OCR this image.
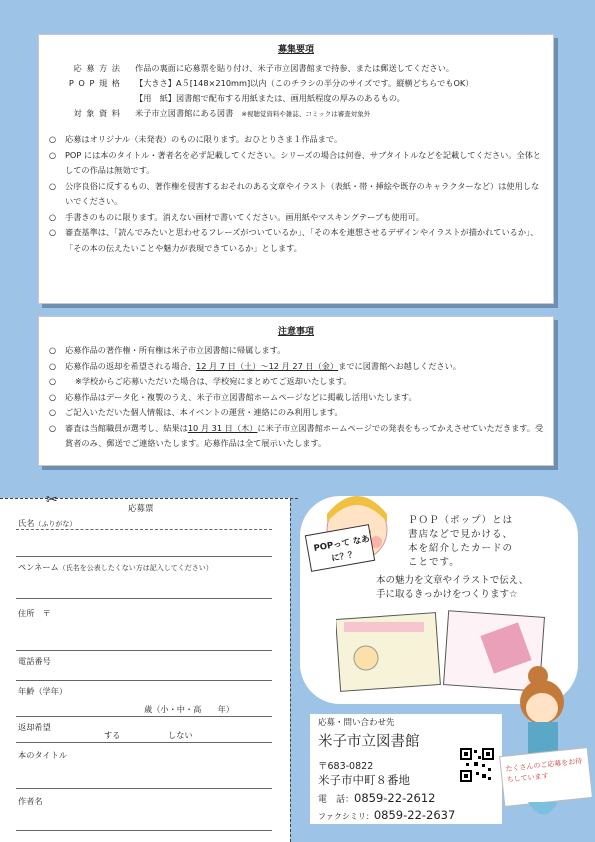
募集要項
応 募 方 法	作品の裏面に応募票を貼り付け、米子市立図書館まで持参、または郵送してください。
P O P 規 格	【大きさ】A５[148×210mm]以内（このチラシの半分のサイズです。縦横どちらでもOK）
【用　紙】図書館で配布する用紙または、画用紙程度の厚みのあるもの。
対 象 資 料	米子市立図書館にある図書　 ※視聴覚資料や雑誌、コミックは審査対象外
○ 応募はオリジナル（未発表）のものに限ります。おひとりさま１作品まで。
○ POP には本のタイトル・著者名を必ず記載してください。シリーズの場合は何巻、サブタイトルなどを記載してください。全体としての作品は無効です。
○ 公序良俗に反するもの、著作権を侵害するおそれのある文章やイラスト（表紙・帯・挿絵や既存のキャラクターなど）は使用しないでください。
○ 手書きのものに限ります。消えない画材で書いてください。画用紙やマスキングテープも使用可。
○ 審査基準は、「読んでみたいと思わせるフレーズがついているか」、「その本を連想させるデザインやイラストが描かれているか」、「その本の伝えたいことや魅力が表現できているか」とします。
注意事項
○ 応募作品の著作権・所有権は米子市立図書館に帰属します。
○ 応募作品の返却を希望される場合、12 月 7 日（土）～12 月 27 日（金）までに図書館へお越しください。
○ ※学校からご応募いただいた場合は、学校宛にまとめてご返却いたします。
○ 応募作品はデータ化・複製のうえ、米子市立図書館ホームページなどに掲載し活用いたします。
○ ご記入いただいた個人情報は、本イベントの運営・連絡にのみ利用します。
○ 審査は当館職員が選考し、結果は10 月 31 日（木）に米子市立図書館ホームページでの発表をもってかえさせていただきます。受賞者のみ、郵送でご連絡いたします。応募作品は全て展示いたします。
応募票
✂
氏名（ふりがな）
ペンネーム（氏名を公表したくない方は記入してください）
住所　〒
電話番号
年齢（学年）
歳（小・中・高　　年）
返却希望
する	しない
本のタイトル
作者名
POPって なあに？？
ＰＯＰ（ポップ）とは
書店などで見かける、
本を紹介したカードの
ことです。
本の魅力を文章やイラストで伝え、
手に取るきっかけをつくります☆
応募・問い合わせ先
米子市立図書館
〒683-0822
米子市中町８番地
電　話：0859-22-2612
ファクシミリ：0859-22-2637
たくさんのご応募をお待ちしています
